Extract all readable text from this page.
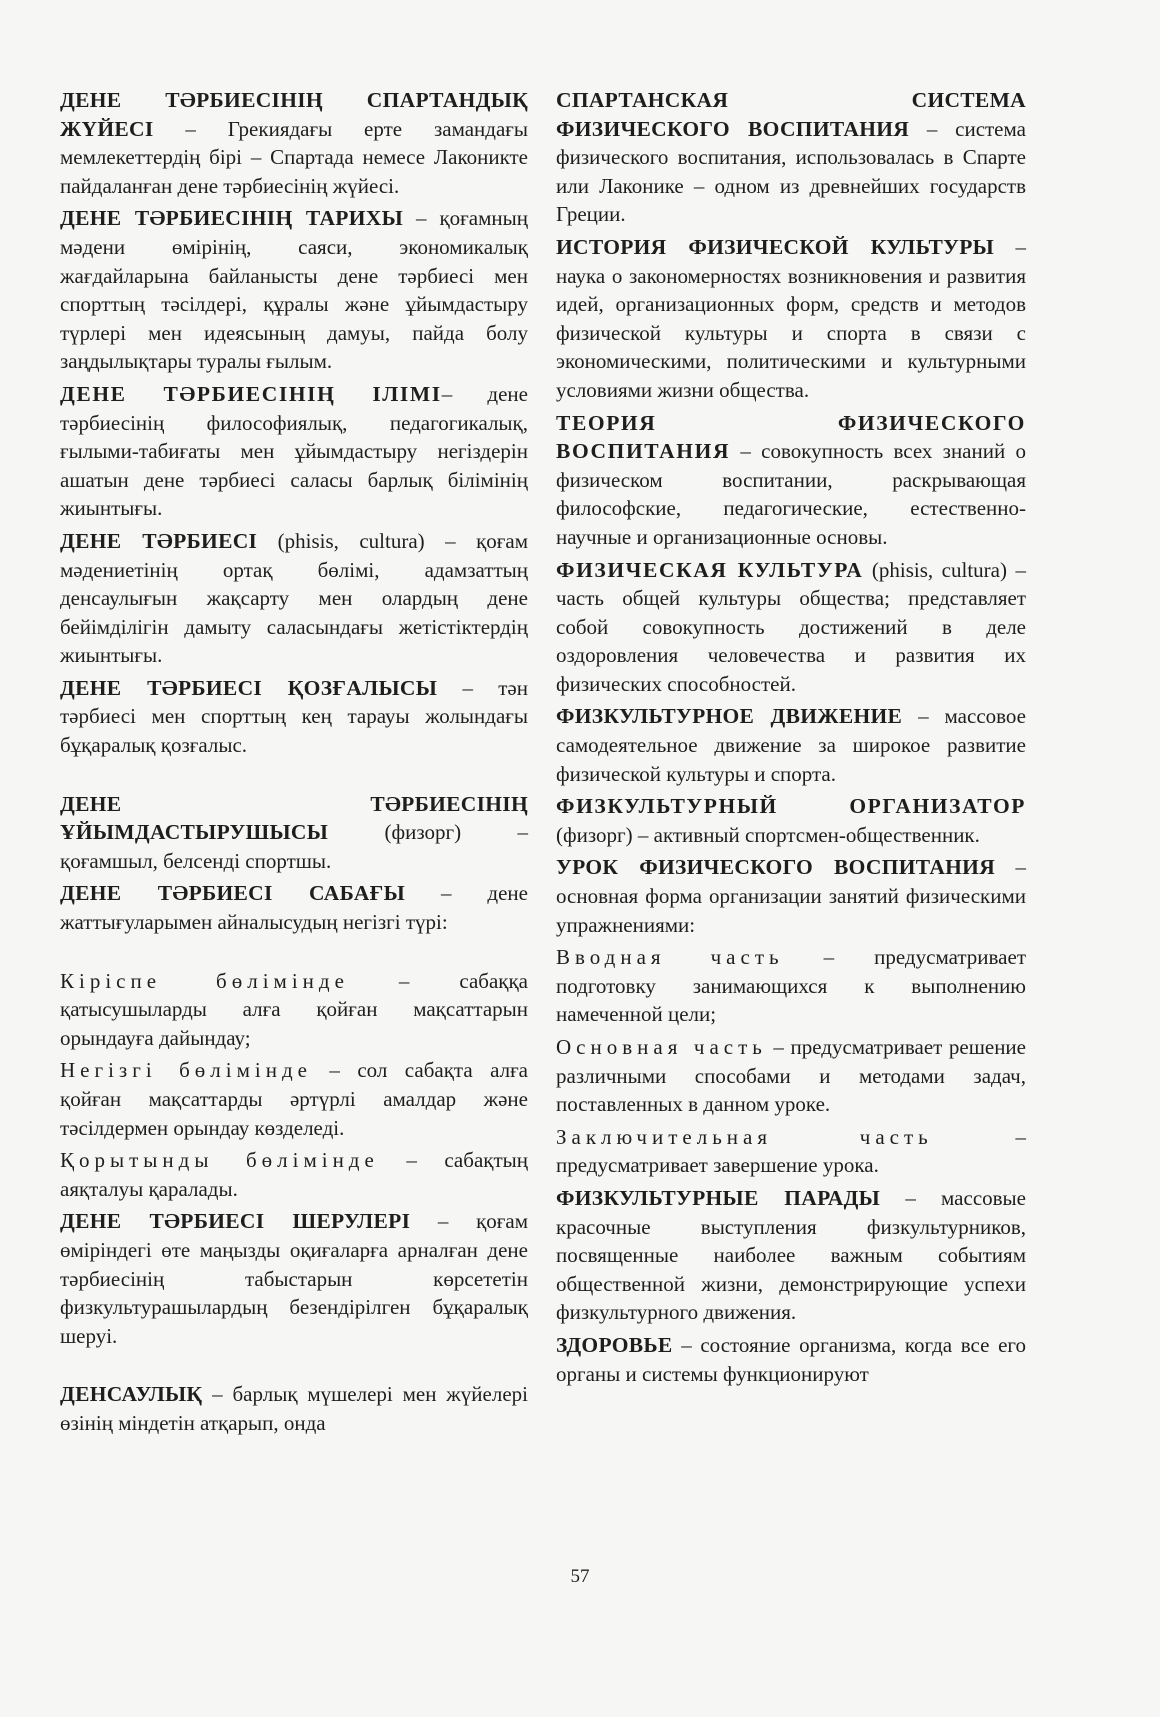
ДЕНЕ ТӘРБИЕСІНІҢ СПАРТАНДЫҚ ЖҮЙЕСІ – Грекиядағы ерте замандағы мемлекеттердің бірі – Спартада немесе Лаконикте пайдаланған дене тәрбиесінің жүйесі.

ДЕНЕ ТӘРБИЕСІНІҢ ТАРИХЫ – қоғамның мәдени өмірінің, саяси, экономикалық жағдайларына байланысты дене тәрбиесі мен спорттың тәсілдері, құралы және ұйымдастыру түрлері мен идеясының дамуы, пайда болу заңдылықтары туралы ғылым.

ДЕНЕ ТӘРБИЕСІНІҢ ІЛІМІ– дене тәрбиесінің философиялық, педагогикалық, ғылыми-табиғаты мен ұйымдастыру негіздерін ашатын дене тәрбиесі саласы барлық білімінің жиынтығы.

ДЕНЕ ТӘРБИЕСІ (phisis, cultura) – қоғам мәдениетінің ортақ бөлімі, адамзаттың денсаулығын жақсарту мен олардың дене бейімділігін дамыту саласындағы жетістіктердің жиынтығы.

ДЕНЕ ТӘРБИЕСІ ҚОЗҒАЛЫСЫ – тән тәрбиесі мен спорттың кең тарауы жолындағы бұқаралық қозғалыс.

ДЕНЕ ТӘРБИЕСІНІҢ ҰЙЫМДАСТЫРУШЫСЫ (физорг) – қоғамшыл, белсенді спортшы.

ДЕНЕ ТӘРБИЕСІ САБАҒЫ – дене жаттығуларымен айналысудың негізгі түрі:

Кіріспе бөлімінде – сабаққа қатысушыларды алға қойған мақсаттарын орындауға дайындау;

Негізгі бөлімінде – сол сабақта алға қойған мақсаттарды әртүрлі амалдар және тәсілдермен орындау көзделеді.

Қорытынды бөлімінде – сабақтың аяқталуы қаралады.

ДЕНЕ ТӘРБИЕСІ ШЕРУЛЕРІ – қоғам өміріндегі өте маңызды оқиғаларға арналған дене тәрбиесінің табыстарын көрсететін физкультурашылардың безендірілген бұқаралық шеруі.

ДЕНСАУЛЫҚ – барлық мүшелері мен жүйелері өзінің міндетін атқарып, онда

СПАРТАНСКАЯ СИСТЕМА ФИЗИЧЕСКОГО ВОСПИТАНИЯ – система физического воспитания, использовалась в Спарте или Лаконике – одном из древнейших государств Греции.

ИСТОРИЯ ФИЗИЧЕСКОЙ КУЛЬТУРЫ – наука о закономерностях возникновения и развития идей, организационных форм, средств и методов физической культуры и спорта в связи с экономическими, политическими и культурными условиями жизни общества.

ТЕОРИЯ ФИЗИЧЕСКОГО ВОСПИТАНИЯ – совокупность всех знаний о физическом воспитании, раскрывающая философские, педагогические, естественно-научные и организационные основы.

ФИЗИЧЕСКАЯ КУЛЬТУРА (phisis, cultura) – часть общей культуры общества; представляет собой совокупность достижений в деле оздоровления человечества и развития их физических способностей.

ФИЗКУЛЬТУРНОЕ ДВИЖЕНИЕ – массовое самодеятельное движение за широкое развитие физической культуры и спорта.

ФИЗКУЛЬТУРНЫЙ ОРГАНИЗАТОР (физорг) – активный спортсмен-общественник.

УРОК ФИЗИЧЕСКОГО ВОСПИТАНИЯ – основная форма организации занятий физическими упражнениями:

Вводная часть – предусматривает подготовку занимающихся к выполнению намеченной цели;

Основная часть – предусматривает решение различными способами и методами задач, поставленных в данном уроке.

Заключительная часть – предусматривает завершение урока.

ФИЗКУЛЬТУРНЫЕ ПАРАДЫ – массовые красочные выступления физкультурников, посвященные наиболее важным событиям общественной жизни, демонстрирующие успехи физкультурного движения.

ЗДОРОВЬЕ – состояние организма, когда все его органы и системы функционируют

57
